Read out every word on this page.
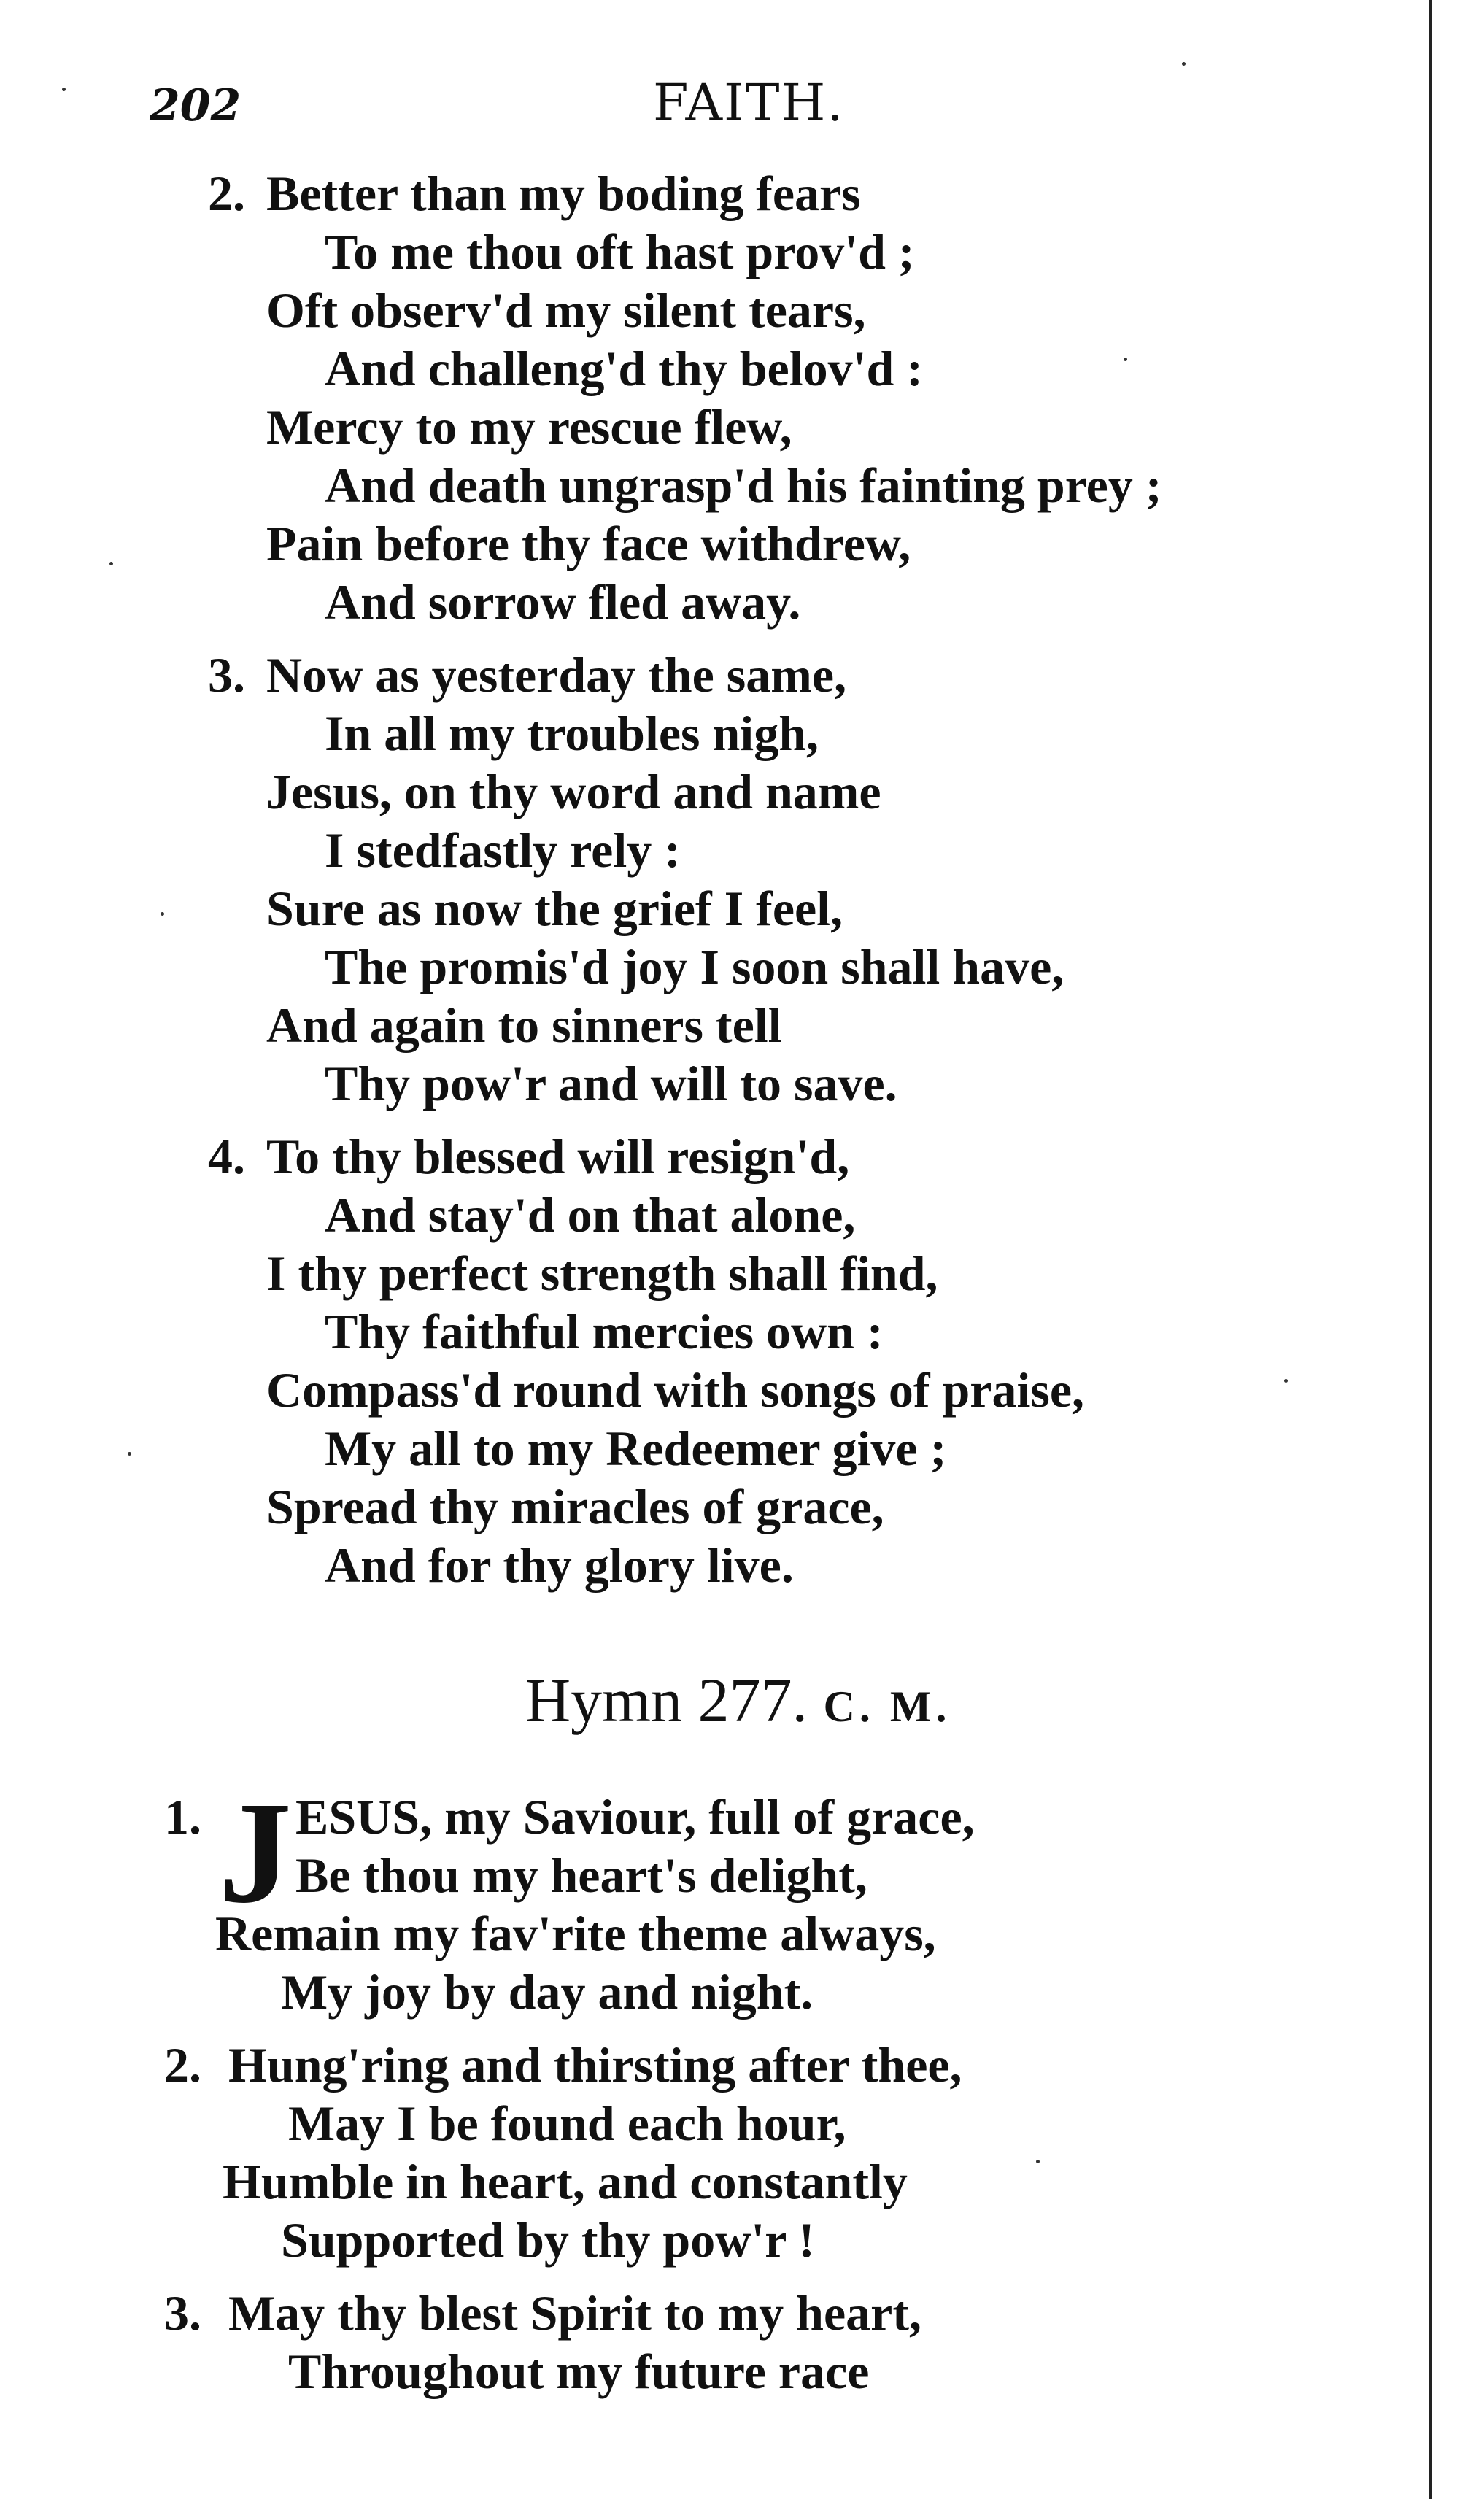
202	FAITH.
2. Better than my boding fears
To me thou oft hast prov'd ;
Oft observ'd my silent tears,
And challeng'd thy belov'd :
Mercy to my rescue flew,
And death ungrasp'd his fainting prey ;
Pain before thy face withdrew,
And sorrow fled away.
3. Now as yesterday the same,
In all my troubles nigh,
Jesus, on thy word and name
I stedfastly rely :
Sure as now the grief I feel,
The promis'd joy I soon shall have,
And again to sinners tell
Thy pow'r and will to save.
4. To thy blessed will resign'd,
And stay'd on that alone,
I thy perfect strength shall find,
Thy faithful mercies own :
Compass'd round with songs of praise,
My all to my Redeemer give ;
Spread thy miracles of grace,
And for thy glory live.
Hymn 277. C. M.
1. J ESUS, my Saviour, full of grace,
Be thou my heart's delight,
Remain my fav'rite theme always,
My joy by day and night.
2. Hung'ring and thirsting after thee,
May I be found each hour,
Humble in heart, and constantly
Supported by thy pow'r !
3. May thy blest Spirit to my heart,
Throughout my future race
